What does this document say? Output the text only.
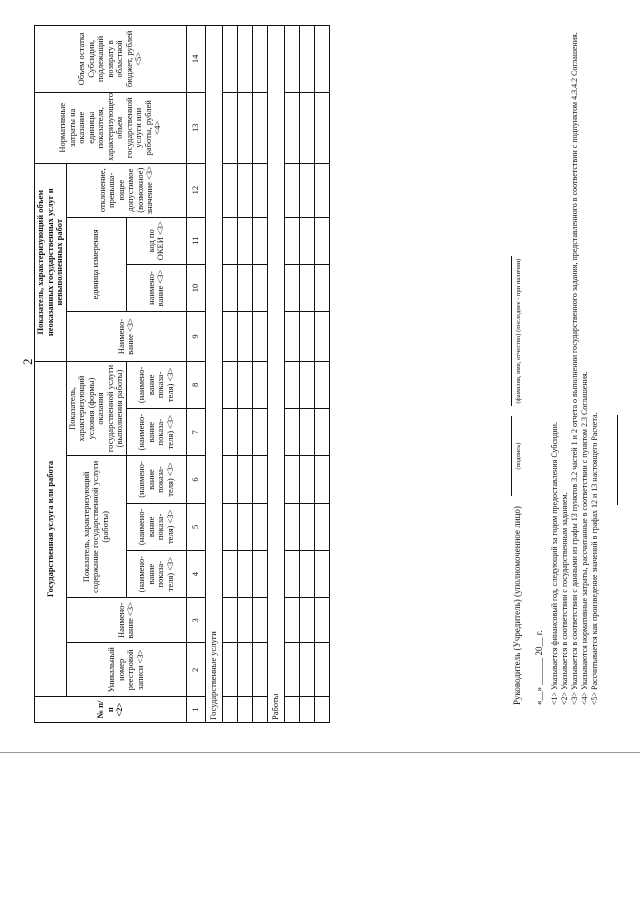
2
№ п/п <2>	Государственная услуга или работа							Показатель, характеризующий объем неоказанных государственных услуг и невыполненных работ				Нормативные затраты на оказание единицы показателя, характеризующего объем государственной услуги или работы, рублей <4>	Объем остатка Субсидии, подлежащий возврату в областной бюджет, рублей <5>
	Уникальный номер реестровой записи <3>	Наимено-вание <3>	Показатель, характеризующий содержание государственной услуги (работы)			Показатель, характеризующий условия (формы) оказания государственной услуги (выполнения работы)		Наимено-вание <3>	единица измерения		отклонение, превыша-ющее допустимое (возможное) значение <3>		
			(наимено-вание показа-теля) <3>	(наимено-вание показа-теля) <3>	(наимено-вание показа-теля) <3>	(наимено-вание показа-теля) <3>	(наимено-вание показа-теля) <3>		наимено-вание <3>	код по ОКЕИ <3>			

1	2	3	4	5	6	7	8	9	10	11	12	13	14
Государственные услуги													

Работы													

Руководитель (Учредитель) (уполномоченное лицо)
(подпись)
(фамилия, имя, отчество) (последнее - при наличии)
«__» ______ 20__ г. <1> Указывается финансовый год, следующий за годом предоставления Субсидии. <2> Указывается в соответствии с государственным заданием. <3> Указывается в соответствии с данными из графы 13 пунктов 3.2 частей 1 и 2 отчета о выполнении государственного задания, представленного в соответствии с подпунктом 4.3.4.2 Соглашения. <4> Указываются нормативные затраты, рассчитанные в соответствии с пунктом 2.3 Соглашения. <5> Рассчитывается как произведение значений в графах 12 и 13 настоящего Расчета.
